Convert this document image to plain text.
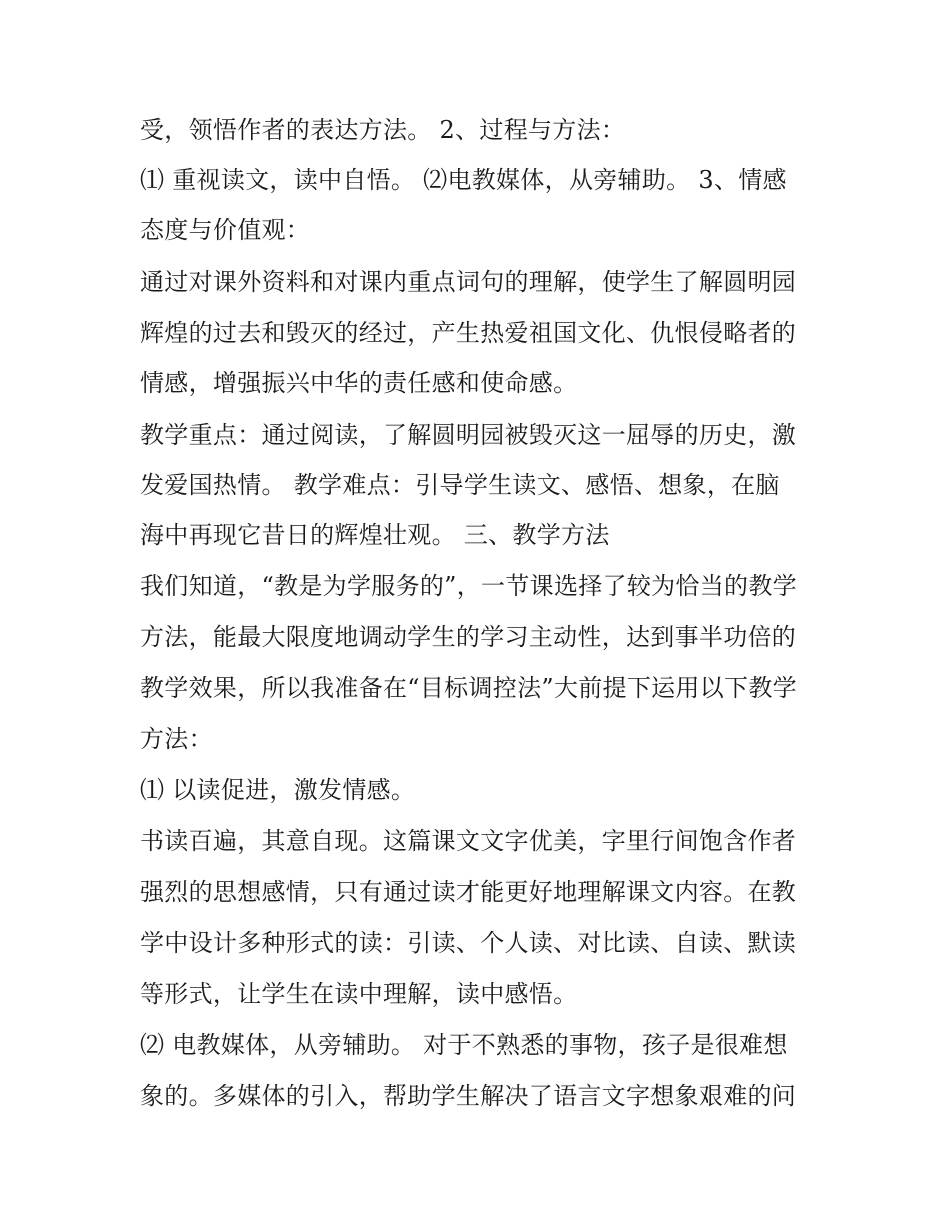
受，领悟作者的表达方法。 2、过程与方法：
⑴ 重视读文，读中自悟。 ⑵电教媒体，从旁辅助。 3、情感
态度与价值观：
通过对课外资料和对课内重点词句的理解，使学生了解圆明园
辉煌的过去和毁灭的经过，产生热爱祖国文化、仇恨侵略者的
情感，增强振兴中华的责任感和使命感。
教学重点：通过阅读，了解圆明园被毁灭这一屈辱的历史，激
发爱国热情。 教学难点：引导学生读文、感悟、想象，在脑
海中再现它昔日的辉煌壮观。 三、教学方法
我们知道，“教是为学服务的”，一节课选择了较为恰当的教学
方法，能最大限度地调动学生的学习主动性，达到事半功倍的
教学效果，所以我准备在“目标调控法”大前提下运用以下教学
方法：
⑴ 以读促进，激发情感。
书读百遍，其意自现。这篇课文文字优美，字里行间饱含作者
强烈的思想感情，只有通过读才能更好地理解课文内容。在教
学中设计多种形式的读：引读、个人读、对比读、自读、默读
等形式，让学生在读中理解，读中感悟。
⑵ 电教媒体，从旁辅助。 对于不熟悉的事物，孩子是很难想
象的。多媒体的引入，帮助学生解决了语言文字想象艰难的问
